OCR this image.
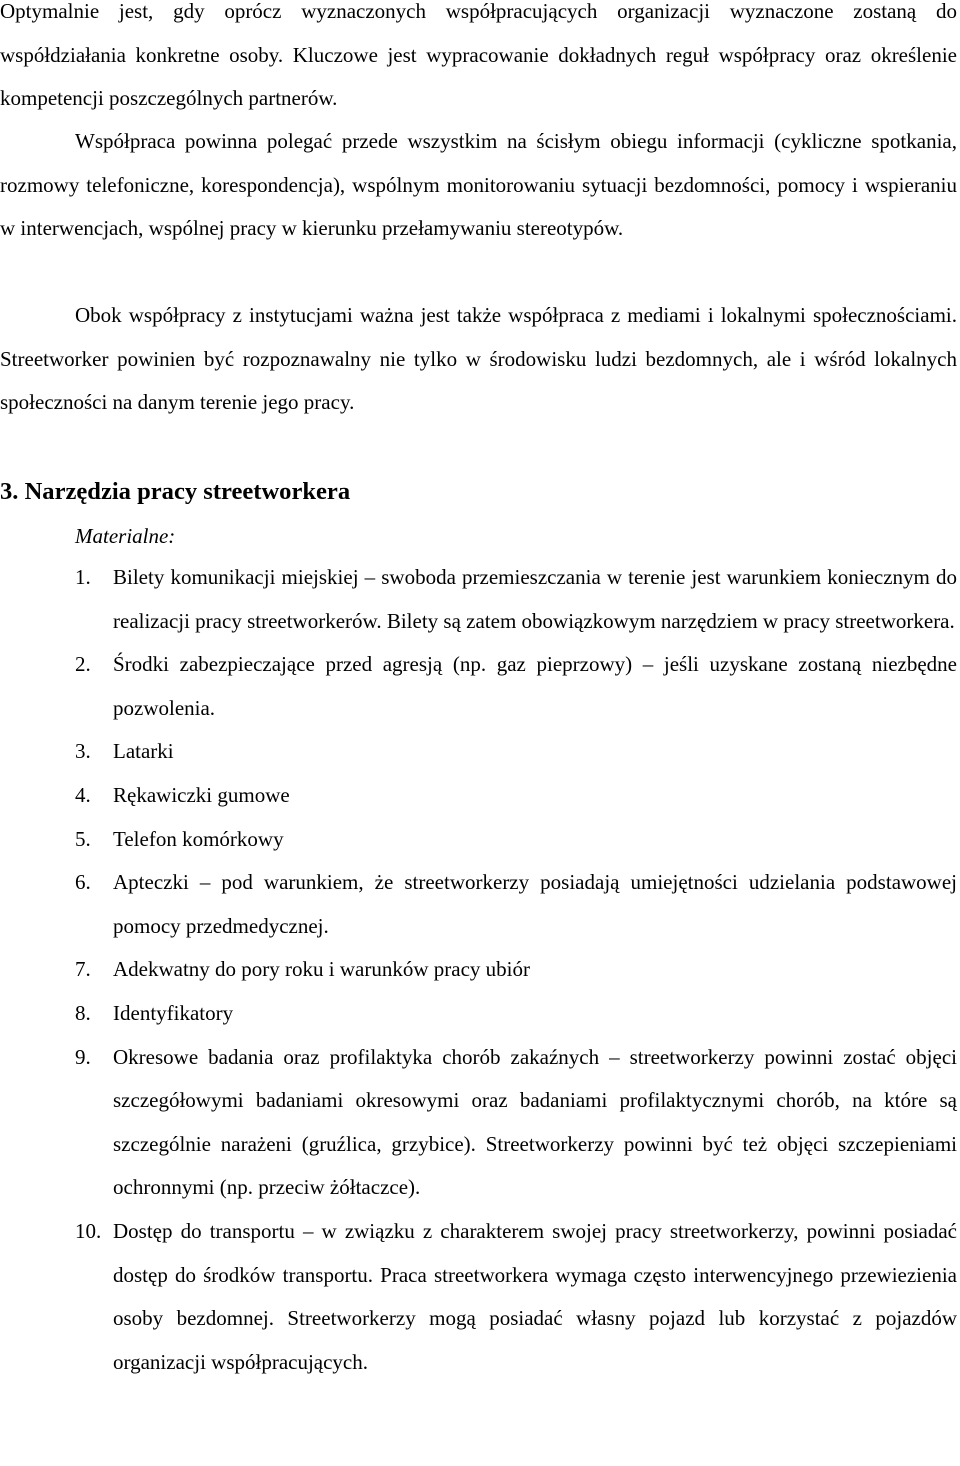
Optymalnie jest, gdy oprócz wyznaczonych współpracujących organizacji wyznaczone zostaną do współdziałania konkretne osoby. Kluczowe jest wypracowanie dokładnych reguł współpracy oraz określenie kompetencji poszczególnych partnerów.

Współpraca powinna polegać przede wszystkim na ścisłym obiegu informacji (cykliczne spotkania, rozmowy telefoniczne, korespondencja), wspólnym monitorowaniu sytuacji bezdomności, pomocy i wspieraniu w interwencjach, wspólnej pracy w kierunku przełamywaniu stereotypów.

Obok współpracy z instytucjami ważna jest także współpraca z mediami i lokalnymi społecznościami. Streetworker powinien być rozpoznawalny nie tylko w środowisku ludzi bezdomnych, ale i wśród lokalnych społeczności na danym terenie jego pracy.

3. Narzędzia pracy streetworkera
Materialne:
1. Bilety komunikacji miejskiej – swoboda przemieszczania w terenie jest warunkiem koniecznym do realizacji pracy streetworkerów. Bilety są zatem obowiązkowym narzędziem w pracy streetworkera.
2. Środki zabezpieczające przed agresją (np. gaz pieprzowy) – jeśli uzyskane zostaną niezbędne pozwolenia.
3. Latarki
4. Rękawiczki gumowe
5. Telefon komórkowy
6. Apteczki – pod warunkiem, że streetworkerzy posiadają umiejętności udzielania podstawowej pomocy przedmedycznej.
7. Adekwatny do pory roku i warunków pracy ubiór
8. Identyfikatory
9. Okresowe badania oraz profilaktyka chorób zakaźnych – streetworkerzy powinni zostać objęci szczegółowymi badaniami okresowymi oraz badaniami profilaktycznymi chorób, na które są szczególnie narażeni (gruźlica, grzybice). Streetworkerzy powinni być też objęci szczepieniami ochronnymi (np. przeciw żółtaczce).
10. Dostęp do transportu – w związku z charakterem swojej pracy streetworkerzy, powinni posiadać dostęp do środków transportu. Praca streetworkera wymaga często interwencyjnego przewiezienia osoby bezdomnej. Streetworkerzy mogą posiadać własny pojazd lub korzystać z pojazdów organizacji współpracujących.
